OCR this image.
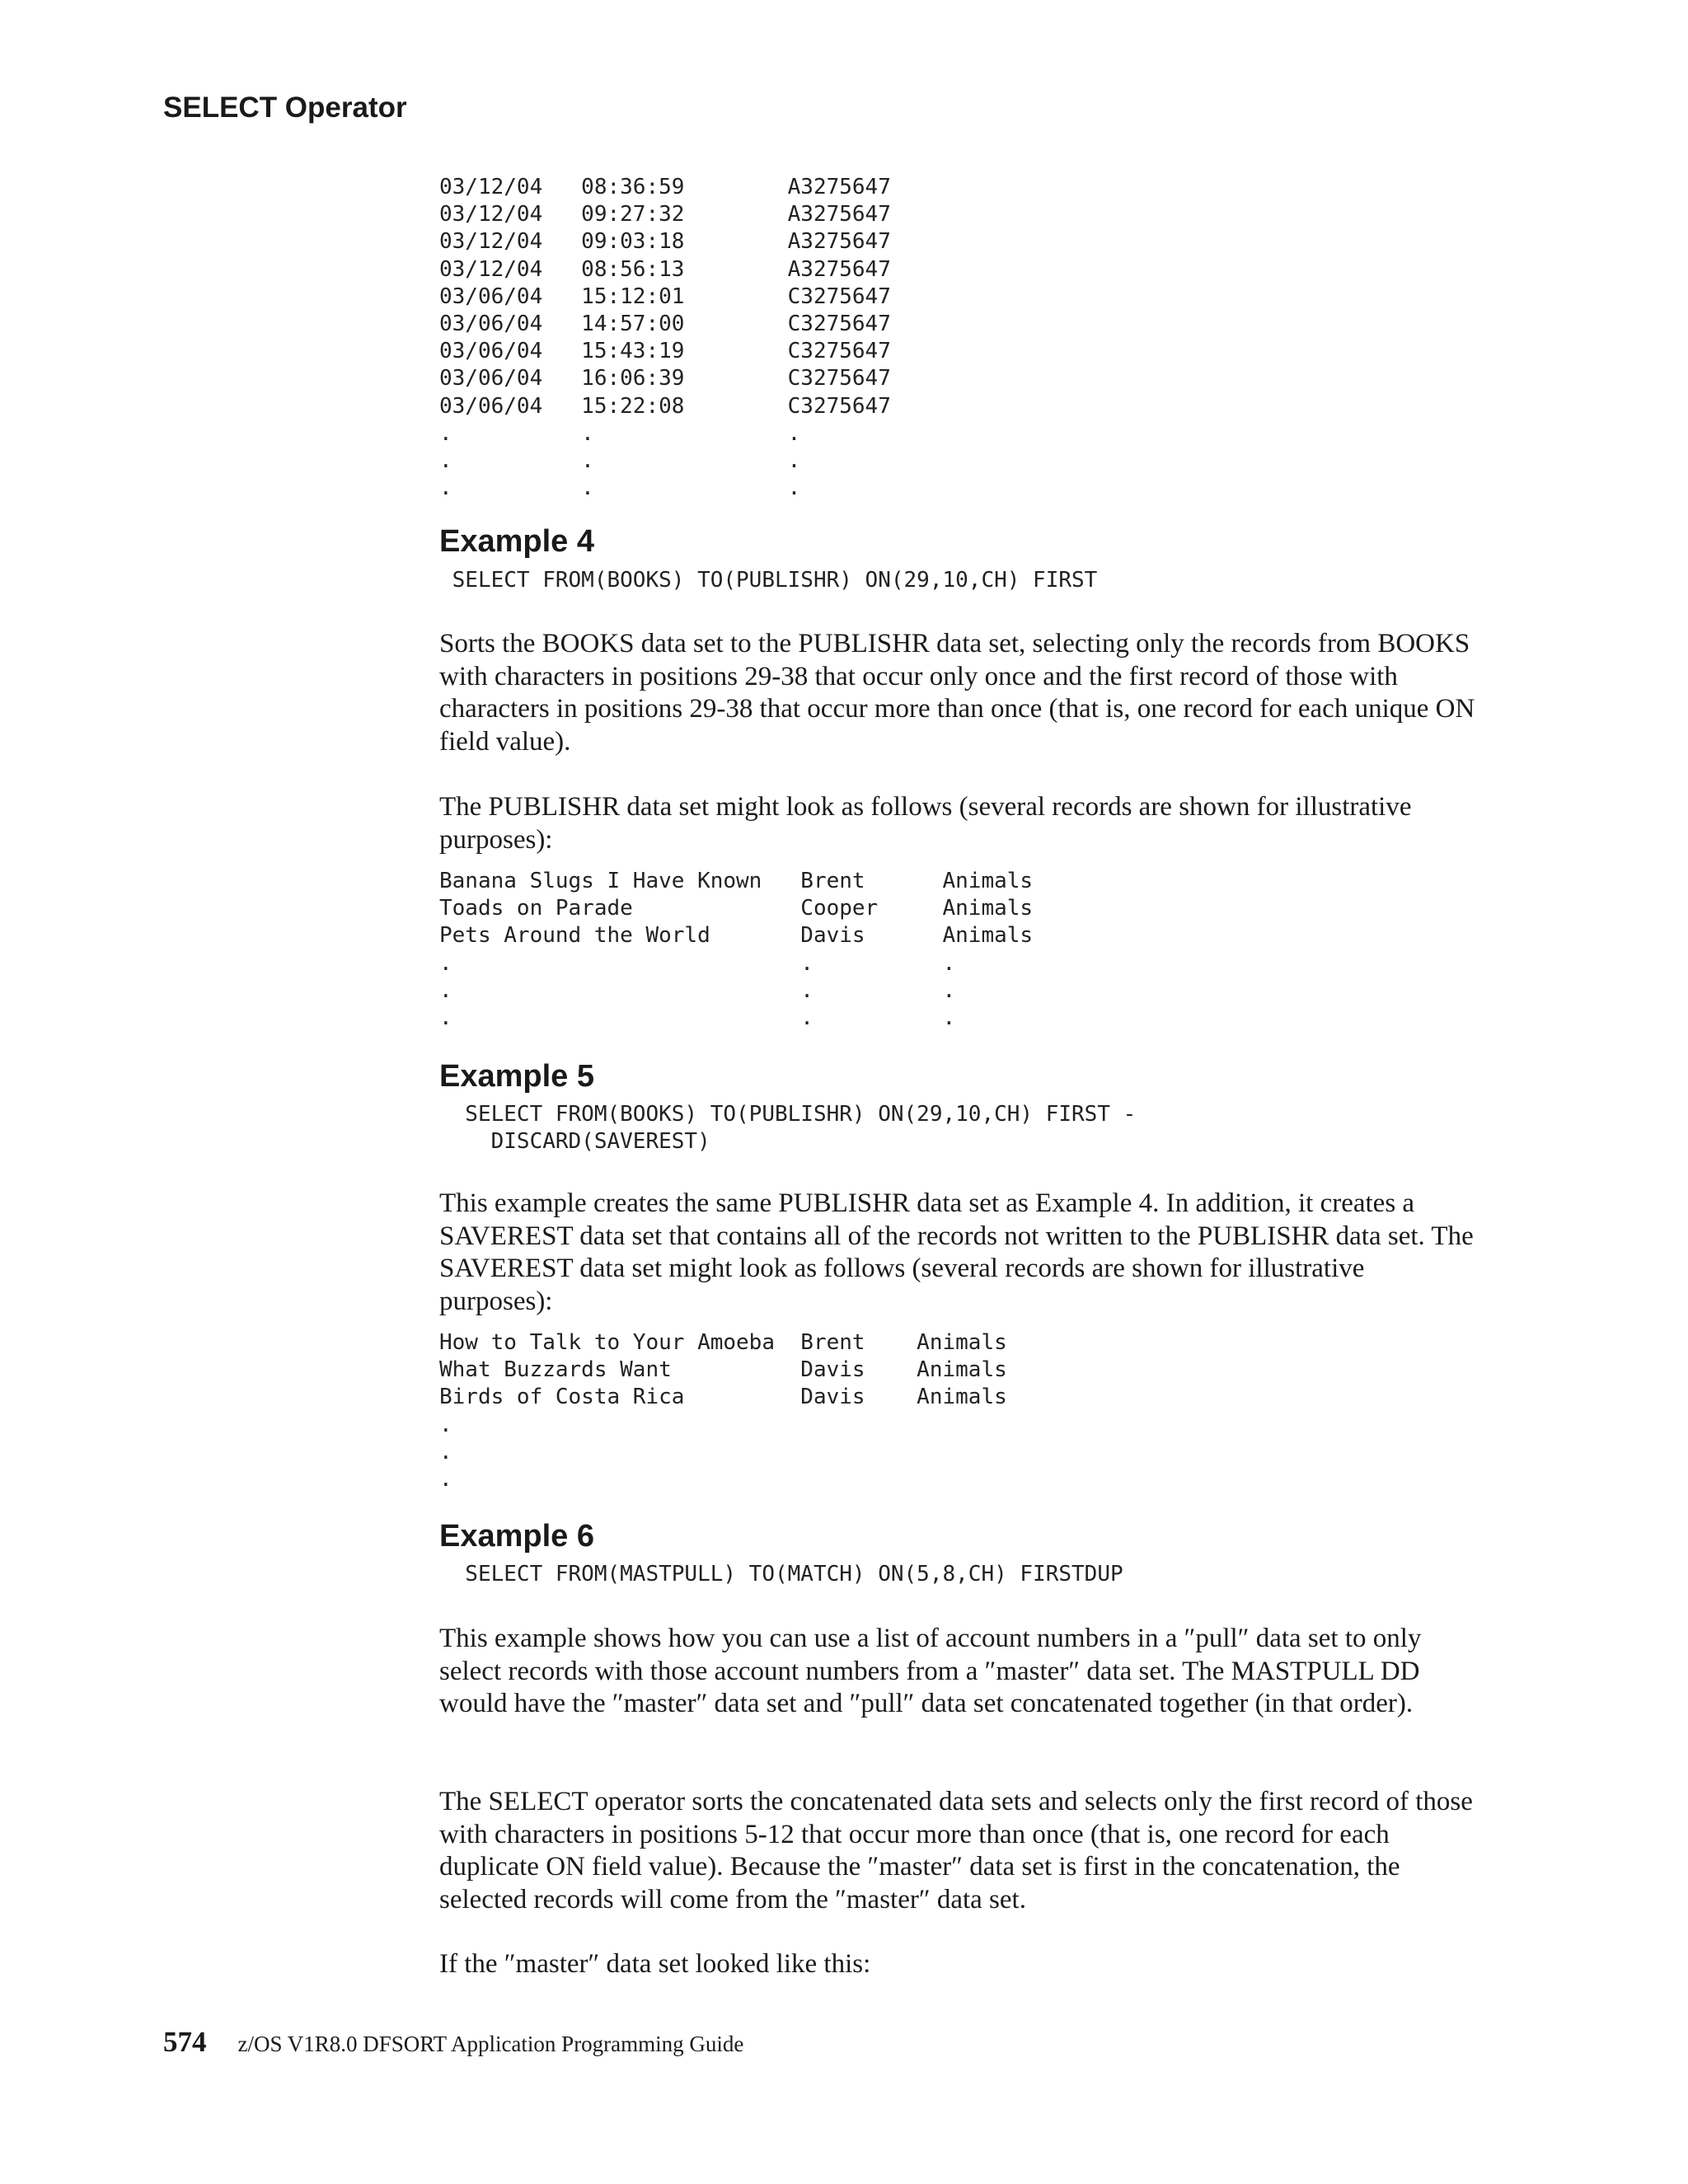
SELECT Operator
03/12/04   08:36:59        A3275647
03/12/04   09:27:32        A3275647
03/12/04   09:03:18        A3275647
03/12/04   08:56:13        A3275647
03/06/04   15:12:01        C3275647
03/06/04   14:57:00        C3275647
03/06/04   15:43:19        C3275647
03/06/04   16:06:39        C3275647
03/06/04   15:22:08        C3275647
.          .               .
.          .               .
.          .               .
Example 4
SELECT FROM(BOOKS) TO(PUBLISHR) ON(29,10,CH) FIRST

Sorts the BOOKS data set to the PUBLISHR data set, selecting only the records from BOOKS with characters in positions 29-38 that occur only once and the first record of those with characters in positions 29-38 that occur more than once (that is, one record for each unique ON field value).

The PUBLISHR data set might look as follows (several records are shown for illustrative purposes):

Banana Slugs I Have Known   Brent      Animals
Toads on Parade             Cooper     Animals
Pets Around the World       Davis      Animals
.                           .          .
.                           .          .
.                           .          .
Example 5
SELECT FROM(BOOKS) TO(PUBLISHR) ON(29,10,CH) FIRST -
DISCARD(SAVEREST)

This example creates the same PUBLISHR data set as Example 4. In addition, it creates a SAVEREST data set that contains all of the records not written to the PUBLISHR data set. The SAVEREST data set might look as follows (several records are shown for illustrative purposes):

How to Talk to Your Amoeba  Brent    Animals
What Buzzards Want          Davis    Animals
Birds of Costa Rica         Davis    Animals
.
.
.
Example 6
SELECT FROM(MASTPULL) TO(MATCH) ON(5,8,CH) FIRSTDUP

This example shows how you can use a list of account numbers in a ″pull″ data set to only select records with those account numbers from a ″master″ data set. The MASTPULL DD would have the ″master″ data set and ″pull″ data set concatenated together (in that order).

The SELECT operator sorts the concatenated data sets and selects only the first record of those with characters in positions 5-12 that occur more than once (that is, one record for each duplicate ON field value). Because the ″master″ data set is first in the concatenation, the selected records will come from the ″master″ data set.

If the ″master″ data set looked like this:

574 z/OS V1R8.0 DFSORT Application Programming Guide
